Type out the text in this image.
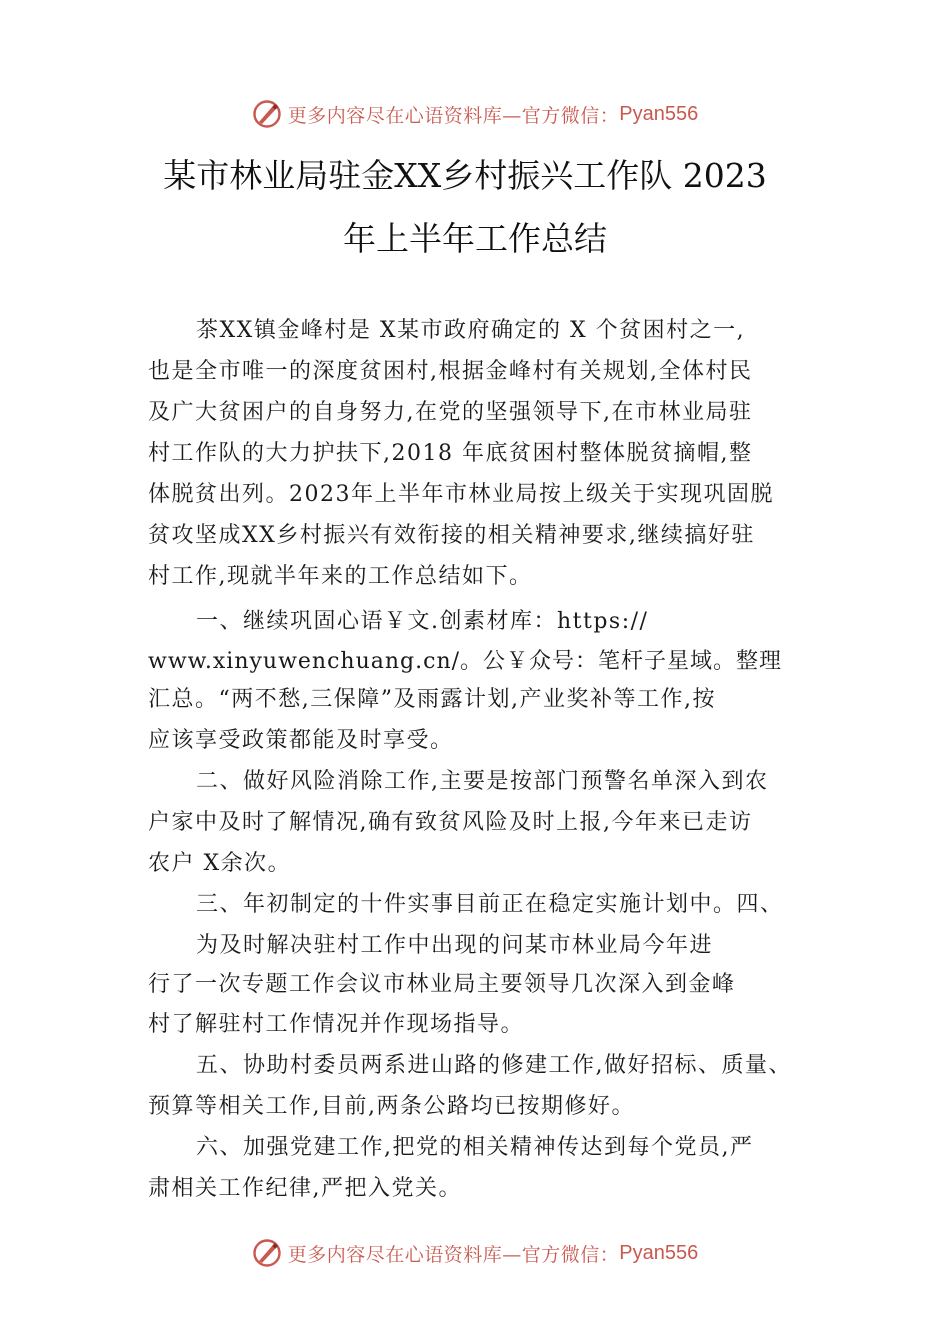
更多内容尽在心语资料库—官方微信： Pyan556
某市林业局驻金XX乡村振兴工作队 2023
年上半年工作总结
茶XX镇金峰村是 X某市政府确定的 X 个贫困村之一,
也是全市唯一的深度贫困村,根据金峰村有关规划,全体村民
及广大贫困户的自身努力,在党的坚强领导下,在市林业局驻
村工作队的大力护扶下,2018 年底贫困村整体脱贫摘帽,整
体脱贫出列。2023年上半年市林业局按上级关于实现巩固脱
贫攻坚成XX乡村振兴有效衔接的相关精神要求,继续搞好驻
村工作,现就半年来的工作总结如下。
一、继续巩固心语￥文.创素材库：https://
www.xinyuwenchuang.cn/。公￥众号：笔杆子星域。整理
汇总。“两不愁,三保障”及雨露计划,产业奖补等工作,按
应该享受政策都能及时享受。
二、做好风险消除工作,主要是按部门预警名单深入到农
户家中及时了解情况,确有致贫风险及时上报,今年来已走访
农户 X余次。
三、年初制定的十件实事目前正在稳定实施计划中。四、
为及时解决驻村工作中出现的问某市林业局今年进
行了一次专题工作会议市林业局主要领导几次深入到金峰
村了解驻村工作情况并作现场指导。
五、协助村委员两系进山路的修建工作,做好招标、质量、
预算等相关工作,目前,两条公路均已按期修好。
六、加强党建工作,把党的相关精神传达到每个党员,严
肃相关工作纪律,严把入党关。
更多内容尽在心语资料库—官方微信： Pyan556
